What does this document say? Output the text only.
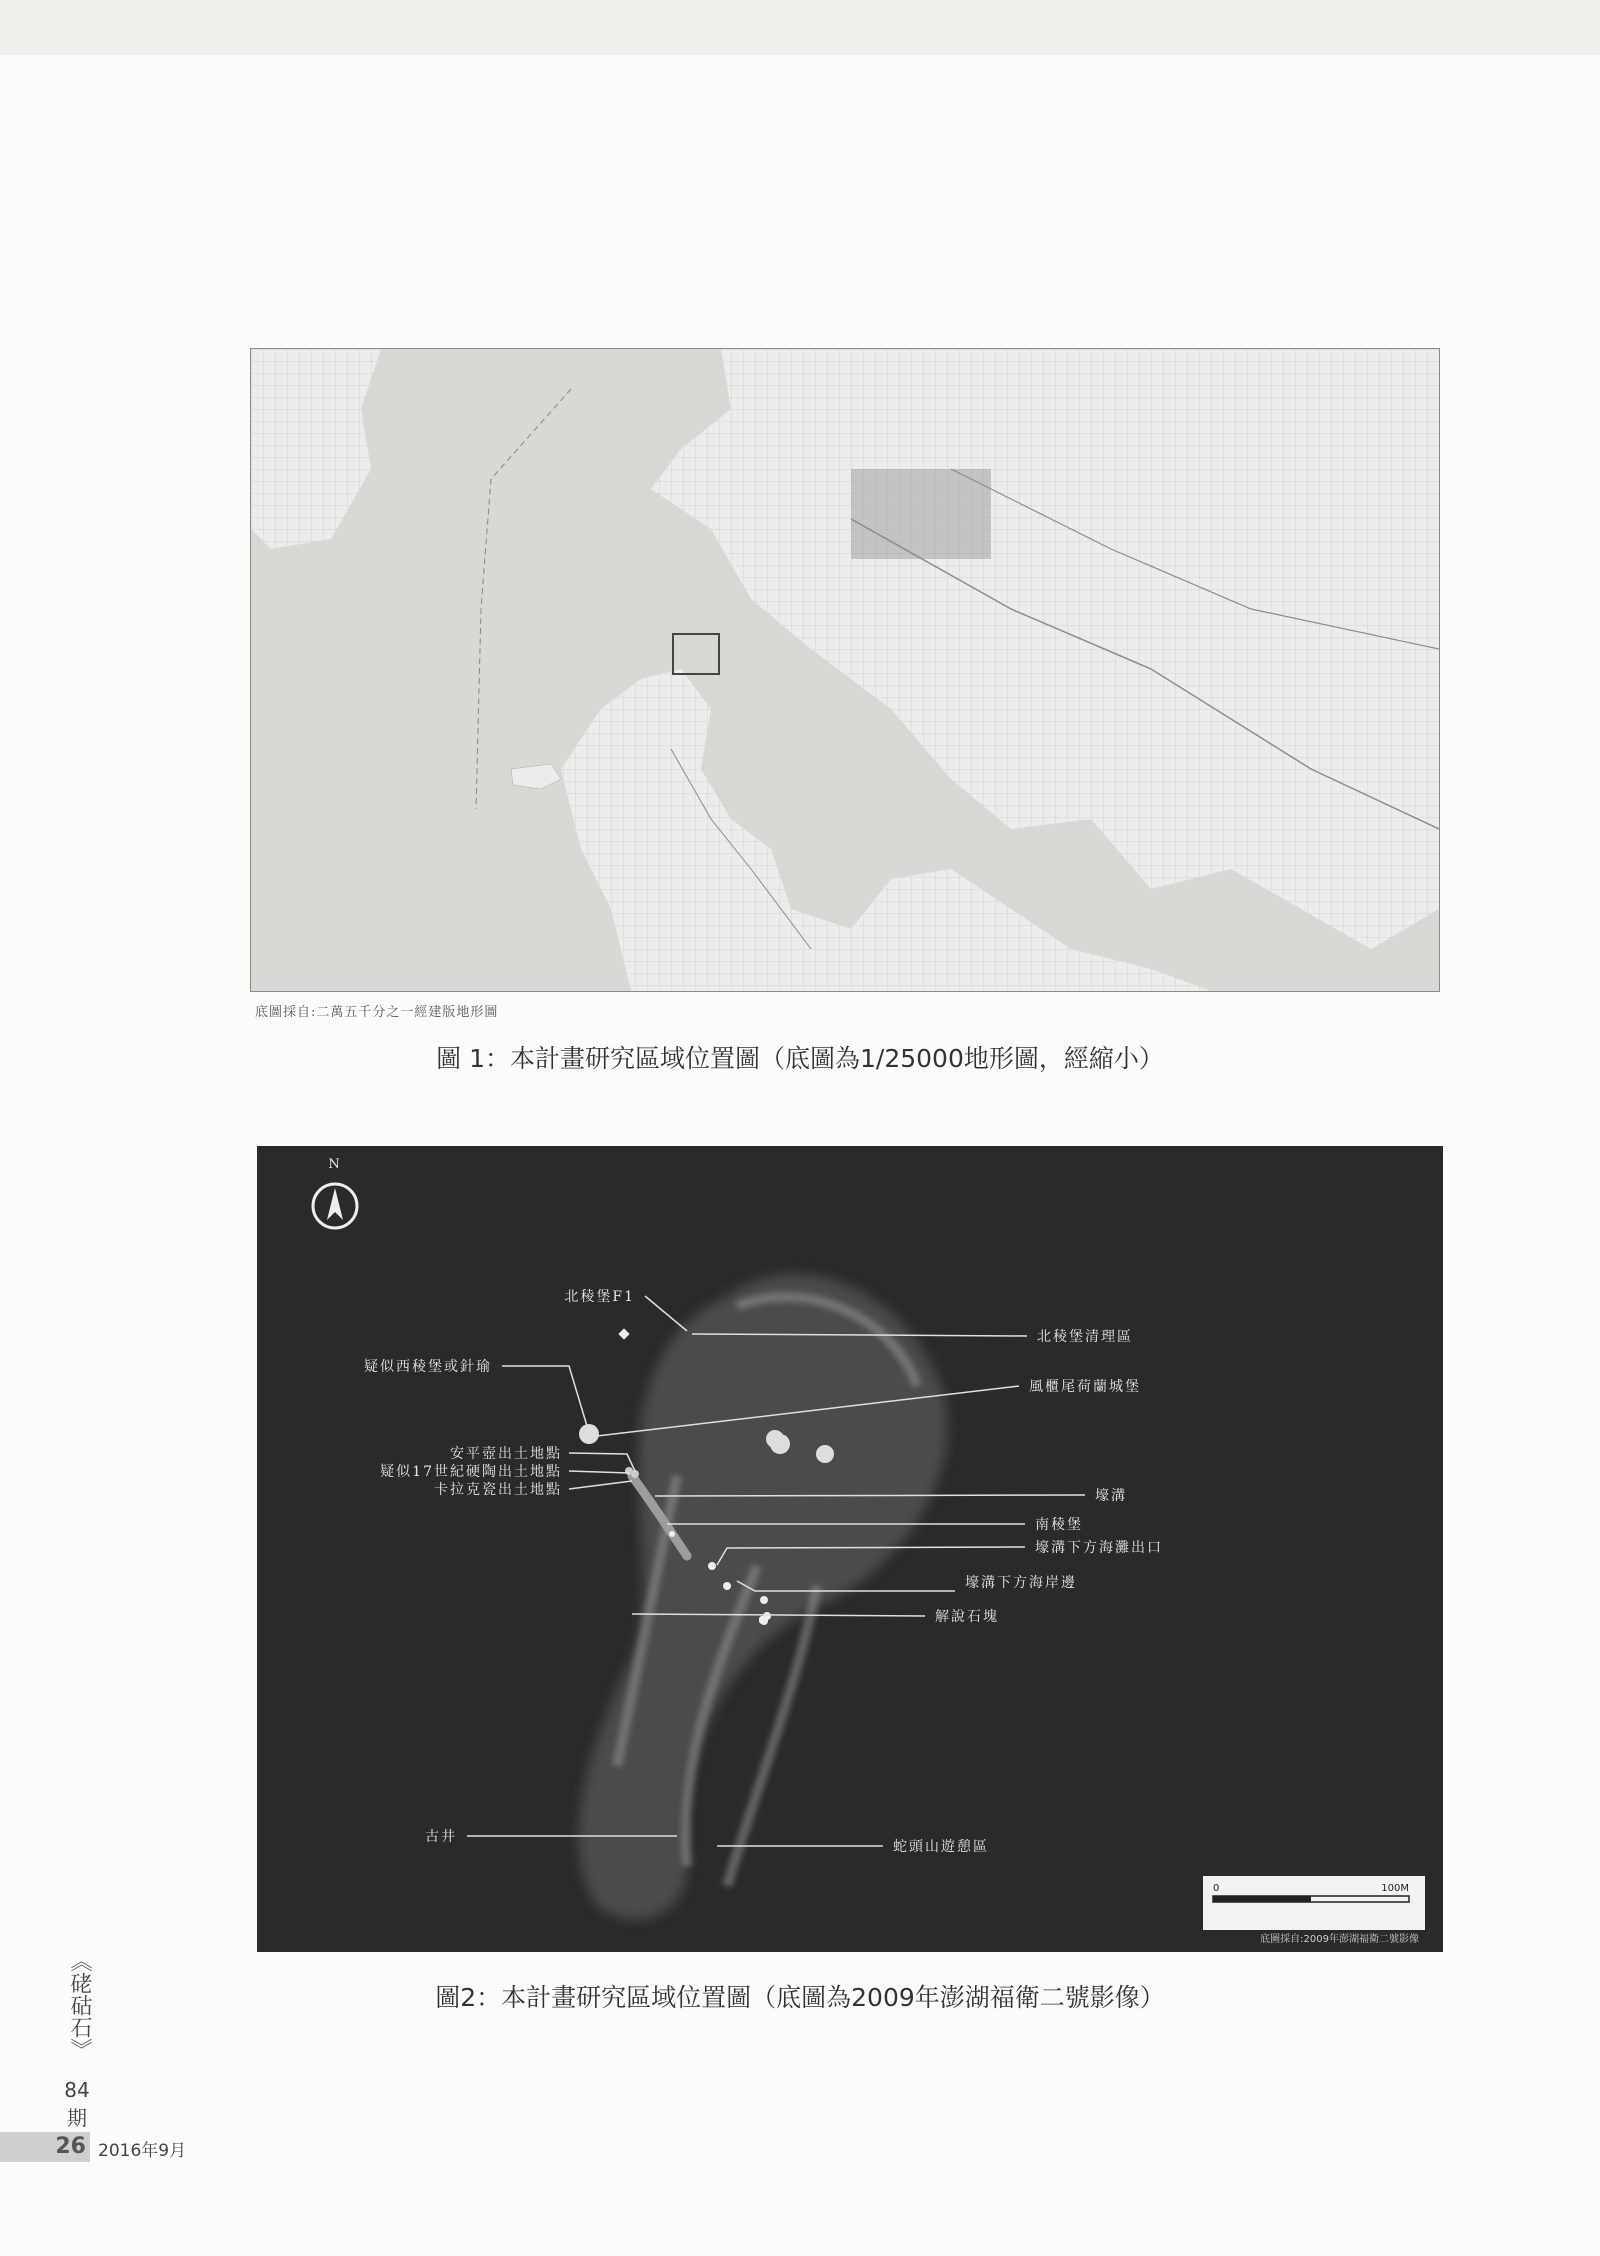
底圖採自:二萬五千分之一經建版地形圖
圖 1：本計畫研究區域位置圖（底圖為1/25000地形圖，經縮小）
N
北稜堡F1
北稜堡清理區
疑似西稜堡或針瑜
風櫃尾荷蘭城堡
安平壺出土地點
疑似17世紀硬陶出土地點
卡拉克瓷出土地點	壕溝
南稜堡
壕溝下方海灘出口
壕溝下方海岸邊
解說石塊
古井
蛇頭山遊憩區
0	100M
底圖採自:2009年澎湖福衛二號影像
圖2：本計畫研究區域位置圖（底圖為2009年澎湖福衛二號影像）
《硓𥑮石》
84
期
26 2016年9月
